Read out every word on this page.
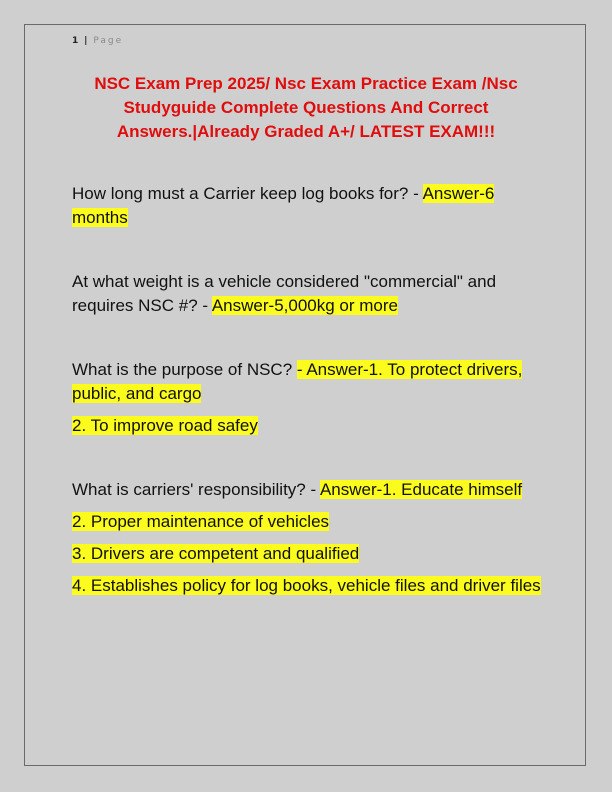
1 | Page
NSC Exam Prep 2025/ Nsc Exam Practice Exam /Nsc Studyguide Complete Questions And Correct Answers.|Already Graded A+/ LATEST EXAM!!!

How long must a Carrier keep log books for? - Answer-6 months

At what weight is a vehicle considered "commercial" and requires NSC #? - Answer-5,000kg or more

What is the purpose of NSC? - Answer-1. To protect drivers, public, and cargo

2. To improve road safey

What is carriers' responsibility? - Answer-1. Educate himself

2. Proper maintenance of vehicles

3. Drivers are competent and qualified

4. Establishes policy for log books, vehicle files and driver files
